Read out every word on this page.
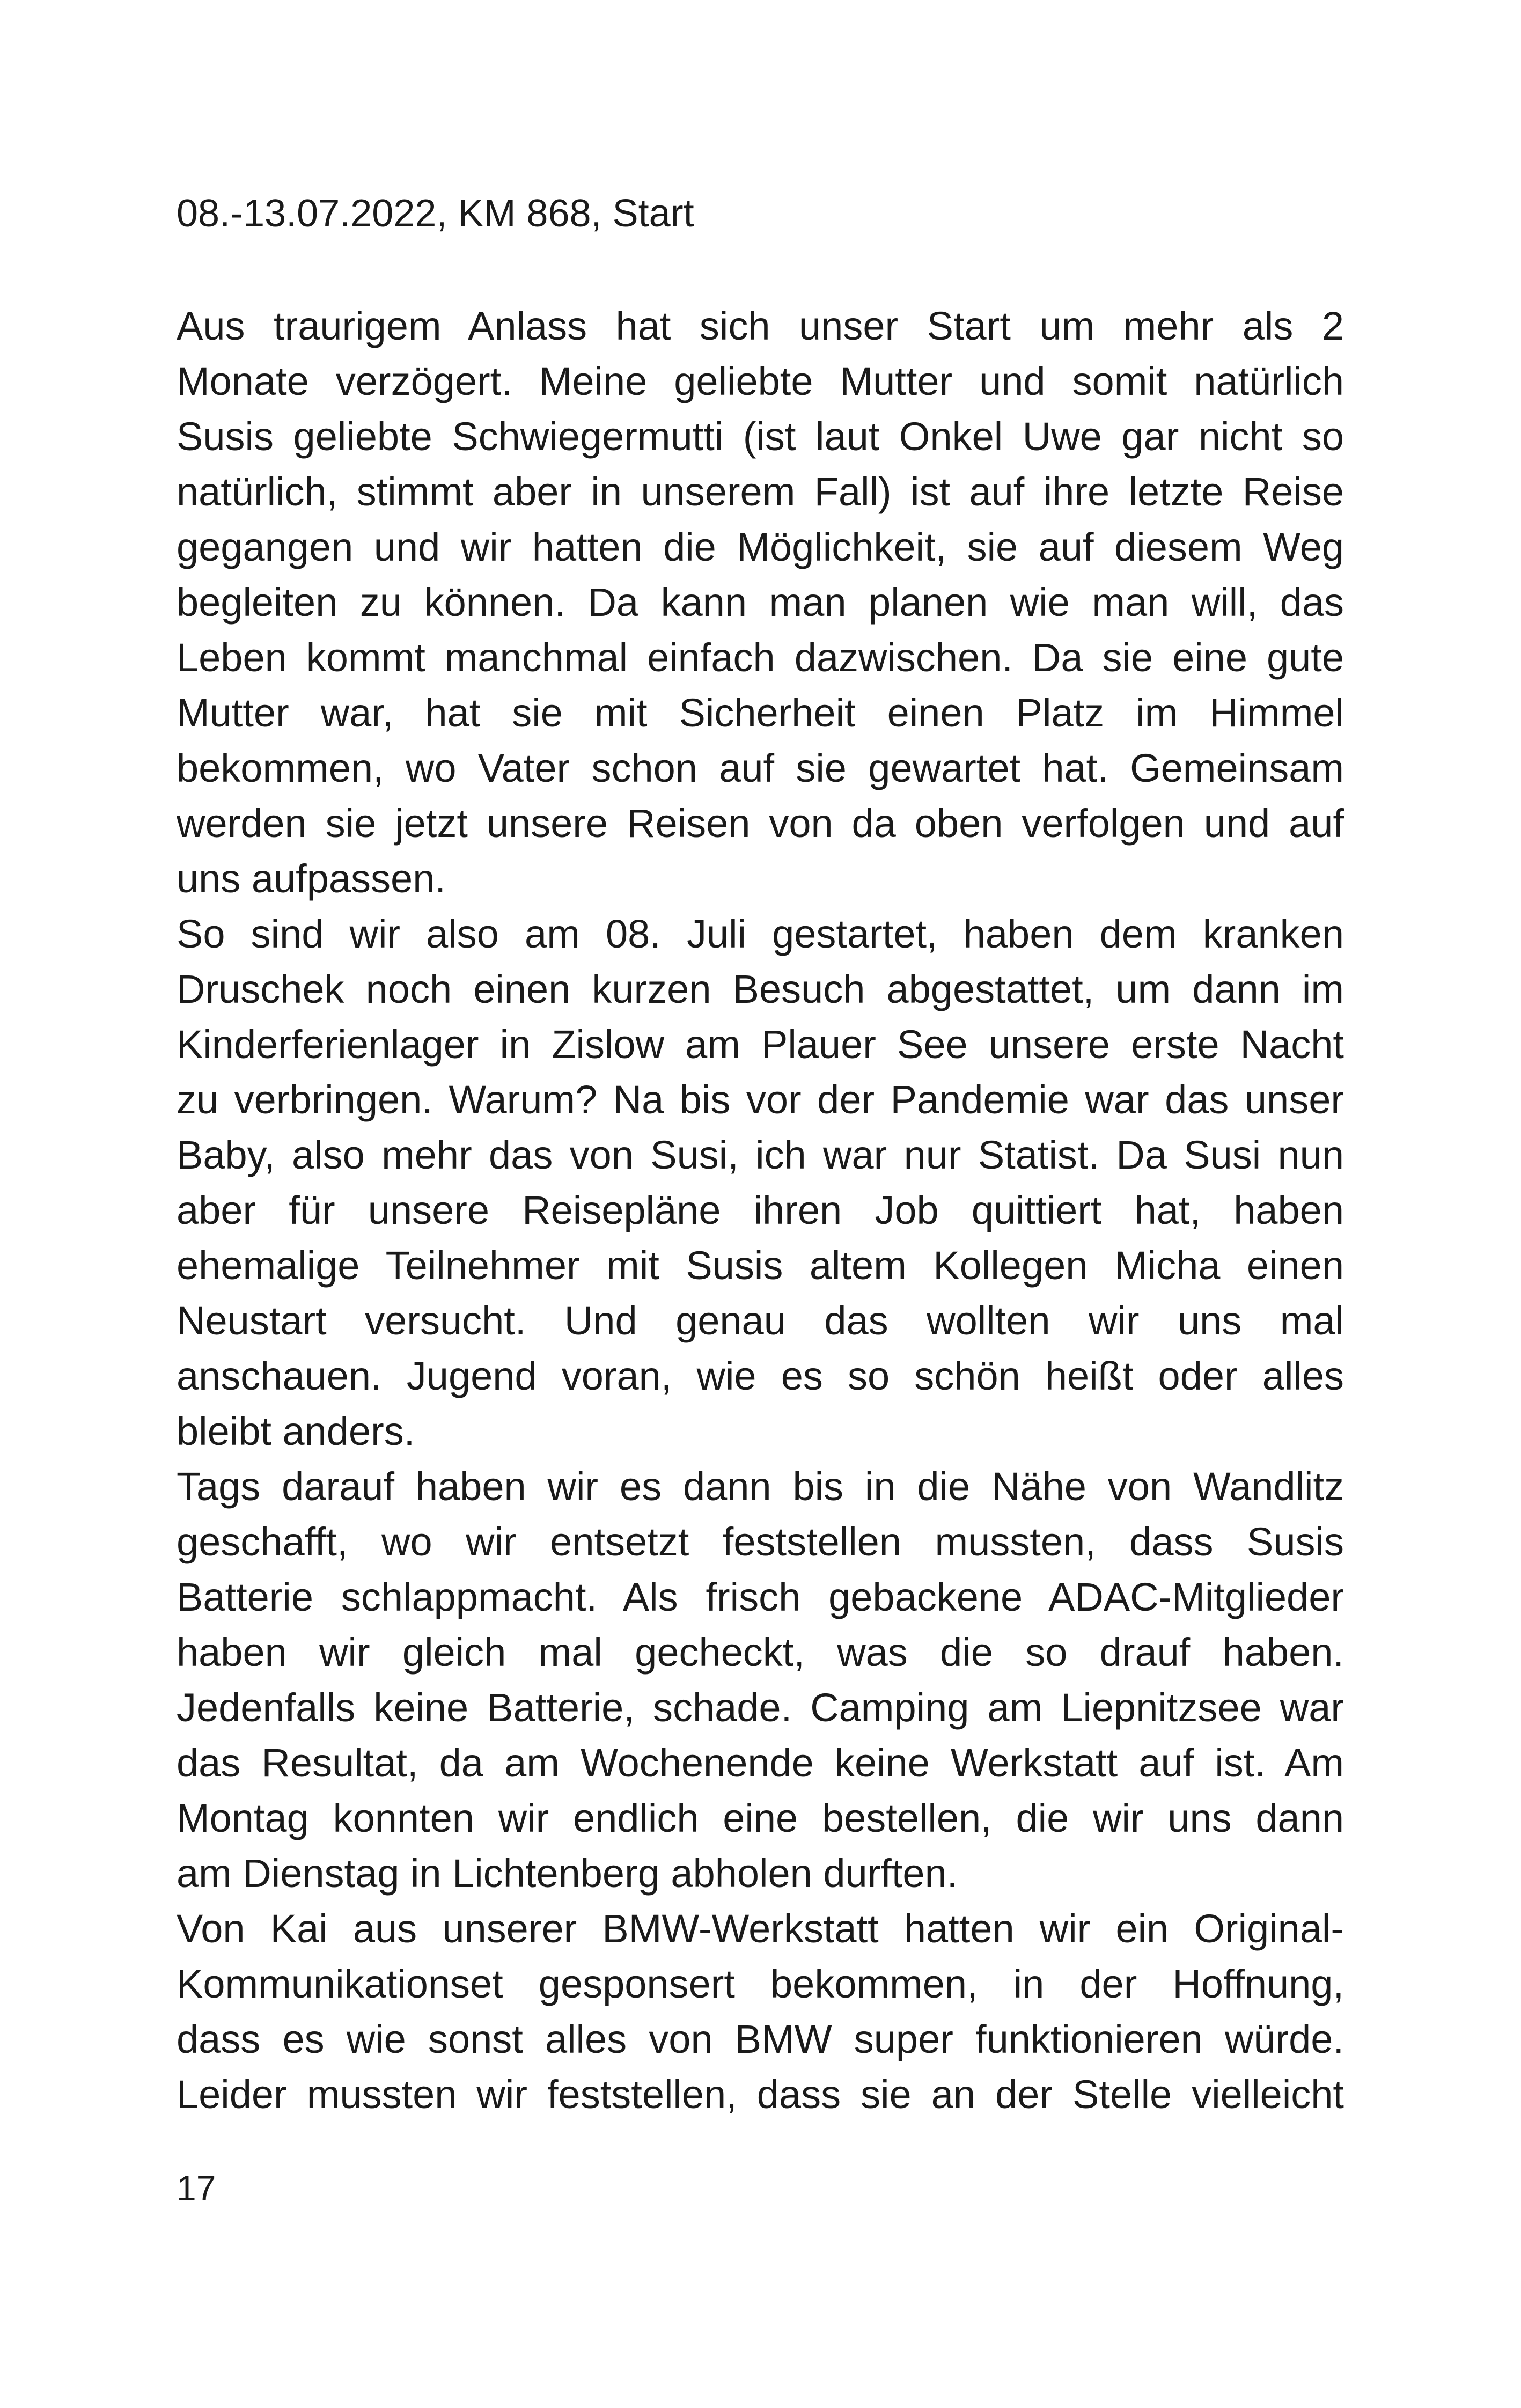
08.-13.07.2022, KM 868, Start
Aus traurigem Anlass hat sich unser Start um mehr als 2
Monate verzögert. Meine geliebte Mutter und somit natürlich
Susis geliebte Schwiegermutti (ist laut Onkel Uwe gar nicht so
natürlich, stimmt aber in unserem Fall) ist auf ihre letzte Reise
gegangen und wir hatten die Möglichkeit, sie auf diesem Weg
begleiten zu können. Da kann man planen wie man will, das
Leben kommt manchmal einfach dazwischen. Da sie eine gute
Mutter war, hat sie mit Sicherheit einen Platz im Himmel
bekommen, wo Vater schon auf sie gewartet hat. Gemeinsam
werden sie jetzt unsere Reisen von da oben verfolgen und auf
uns aufpassen.
So sind wir also am 08. Juli gestartet, haben dem kranken
Druschek noch einen kurzen Besuch abgestattet, um dann im
Kinderferienlager in Zislow am Plauer See unsere erste Nacht
zu verbringen. Warum? Na bis vor der Pandemie war das unser
Baby, also mehr das von Susi, ich war nur Statist. Da Susi nun
aber für unsere Reisepläne ihren Job quittiert hat, haben
ehemalige Teilnehmer mit Susis altem Kollegen Micha einen
Neustart versucht. Und genau das wollten wir uns mal
anschauen. Jugend voran, wie es so schön heißt oder alles
bleibt anders.
Tags darauf haben wir es dann bis in die Nähe von Wandlitz
geschafft, wo wir entsetzt feststellen mussten, dass Susis
Batterie schlappmacht. Als frisch gebackene ADAC-Mitglieder
haben wir gleich mal gecheckt, was die so drauf haben.
Jedenfalls keine Batterie, schade. Camping am Liepnitzsee war
das Resultat, da am Wochenende keine Werkstatt auf ist. Am
Montag konnten wir endlich eine bestellen, die wir uns dann
am Dienstag in Lichtenberg abholen durften.
Von Kai aus unserer BMW-Werkstatt hatten wir ein Original-
Kommunikationset gesponsert bekommen, in der Hoffnung,
dass es wie sonst alles von BMW super funktionieren würde.
Leider mussten wir feststellen, dass sie an der Stelle vielleicht
17
